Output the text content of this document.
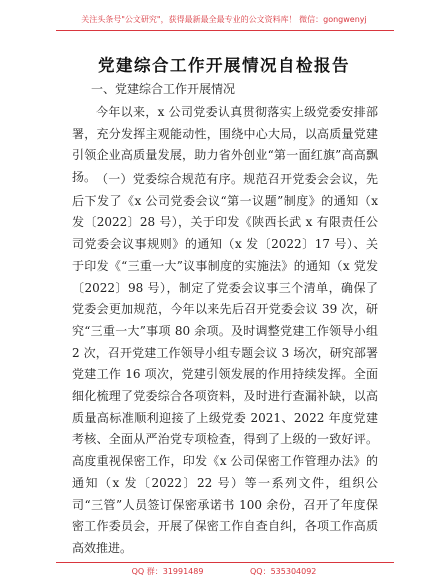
关注头条号"公文研究"，获得最新最全最专业的公文资料库！ 微信：gongwenyj
党建综合工作开展情况自检报告
一、党建综合工作开展情况
今年以来，x 公司党委认真贯彻落实上级党委安排部署，充分发挥主观能动性，围绕中心大局，以高质量党建引领企业高质量发展，助力省外创业“第一面红旗”高高飘扬。 （一）党委综合规范有序。规范召开党委会会议，先后下发了《x 公司党委会议“第一议题”制度》的通知（x 发〔2022〕28 号），关于印发《陕西长武 x 有限责任公司党委会议事规则》的通知（x 发〔2022〕17 号）、关于印发《“三重一大”议事制度的实施法》的通知（x 党发〔2022〕98 号），制定了党委会议事三个清单，确保了党委会更加规范，今年以来先后召开党委会议 39 次，研究“三重一大”事项 80 余项。及时调整党建工作领导小组 2 次，召开党建工作领导小组专题会议 3 场次，研究部署党建工作 16 项次，党建引领发展的作用持续发挥。全面细化梳理了党委综合各项资料，及时进行查漏补缺，以高质量高标准顺利迎接了上级党委 2021、2022 年度党建考核、全面从严治党专项检查，得到了上级的一致好评。高度重视保密工作，印发《x 公司保密工作管理办法》的通知（x 发〔2022〕22 号）等一系列文件，组织公司“三管”人员签订保密承诺书 100 余份，召开了年度保密工作委员会，开展了保密工作自查自纠，各项工作高质高效推进。
QQ 群：31991489	QQ：535304092
